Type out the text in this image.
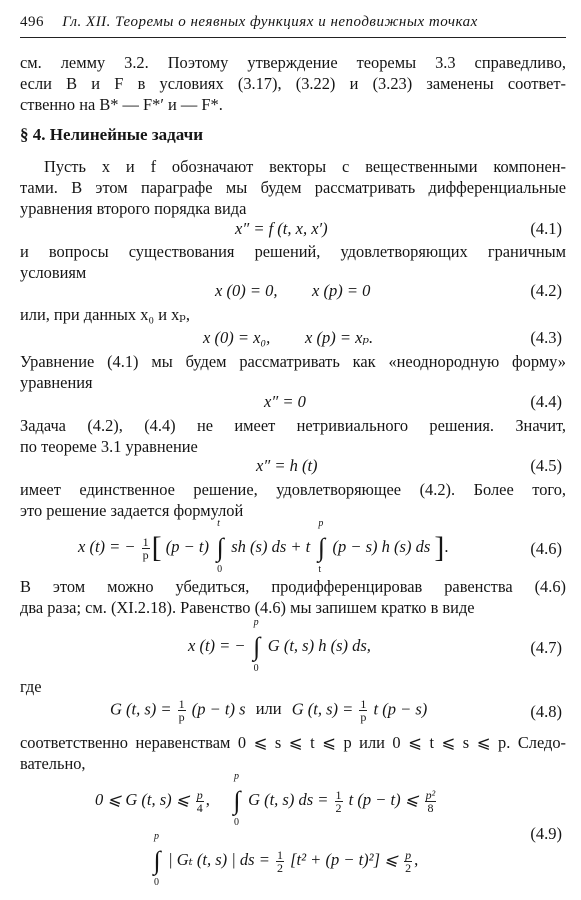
496 Гл. XII. Теоремы о неявных функциях и неподвижных точках
см. лемму 3.2. Поэтому утверждение теоремы 3.3 справедливо,
если B и F в условиях (3.17), (3.22) и (3.23) заменены соответ-
ственно на B* — F*′ и — F*.
§ 4. Нелинейные задачи
Пусть x и f обозначают векторы с вещественными компонен-
тами. В этом параграфе мы будем рассматривать дифференциальные
уравнения второго порядка вида
x″ = f (t, x, x′)	(4.1)
и вопросы существования решений, удовлетворяющих граничным
условиям
x (0) = 0, x (p) = 0	(4.2)
или, при данных x₀ и xₚ,
x (0) = x₀, x (p) = xₚ.	(4.3)
Уравнение (4.1) мы будем рассматривать как «неоднородную форму»
уравнения
x″ = 0	(4.4)
Задача (4.2), (4.4) не имеет нетривиального решения. Значит,
по теореме 3.1 уравнение
x″ = h (t)	(4.5)
имеет единственное решение, удовлетворяющее (4.2). Более того,
это решение задается формулой
x (t) = − $\frac{1}{p}$ [ (p − t) ∫
t
0
sh (s) ds + t ∫
p
t
(p − s) h (s) ds ].	(4.6)
В этом можно убедиться, продифференцировав равенства (4.6)
два раза; см. (XI.2.18). Равенство (4.6) мы запишем кратко в виде
x (t) = − ∫
p
0
G (t, s) h (s) ds,	(4.7)
где
G (t, $s) = \frac{1}{p} (p - t)$ s или G (t, $s) = \frac{1}{p}$ t (p − s)	(4.8)
соответственно неравенствам 0 ⩽ s ⩽ t ⩽ p или 0 ⩽ t ⩽ s ⩽ p. Следо-
вательно,
0 ⩽ G (t, s) ⩽ $\frac{p}{4}$ , ∫
p
0
G (t, s) ds = $\frac{1}{2}$ t (p − t) ⩽ $\frac{\text{p²}}{8}$
∫
p
0
| Gₜ (t, s) | ds = $\frac{1}{2} [t^2 + (p - t)^2]$ ⩽ $\frac{p}{2}$ ,
(4.9)
